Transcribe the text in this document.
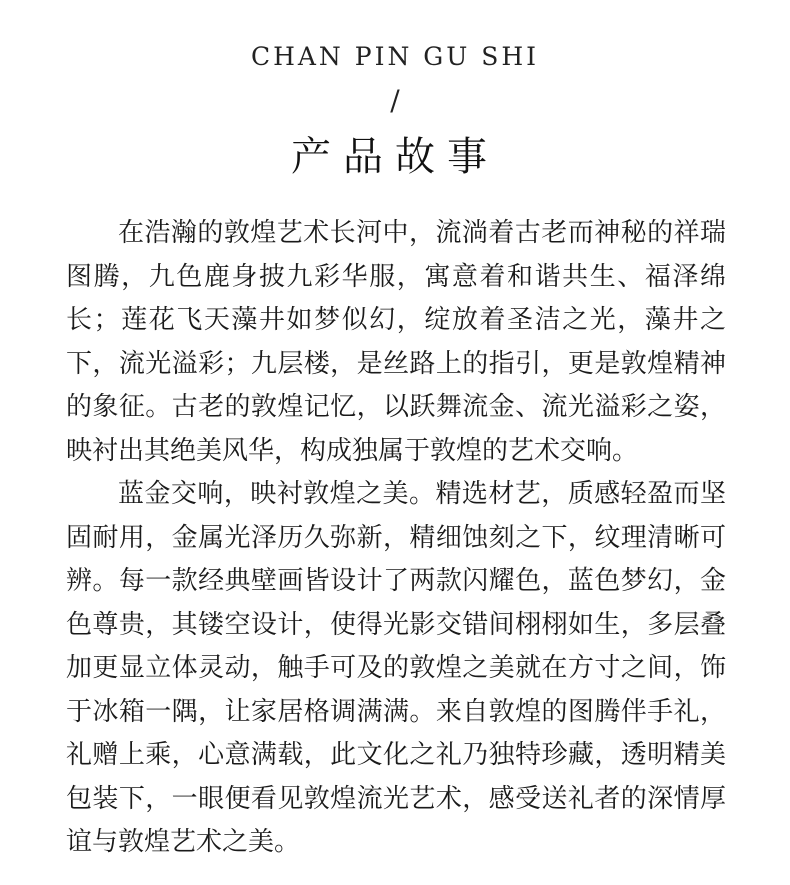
CHAN PIN GU SHI
/
产品故事

在浩瀚的敦煌艺术长河中，流淌着古老而神秘的祥瑞图腾，九色鹿身披九彩华服，寓意着和谐共生、福泽绵长；莲花飞天藻井如梦似幻，绽放着圣洁之光，藻井之下，流光溢彩；九层楼，是丝路上的指引，更是敦煌精神的象征。古老的敦煌记忆，以跃舞流金、流光溢彩之姿，映衬出其绝美风华，构成独属于敦煌的艺术交响。

蓝金交响，映衬敦煌之美。精选材艺，质感轻盈而坚固耐用，金属光泽历久弥新，精细蚀刻之下，纹理清晰可辨。每一款经典壁画皆设计了两款闪耀色，蓝色梦幻，金色尊贵，其镂空设计，使得光影交错间栩栩如生，多层叠加更显立体灵动，触手可及的敦煌之美就在方寸之间，饰于冰箱一隅，让家居格调满满。来自敦煌的图腾伴手礼，礼赠上乘，心意满载，此文化之礼乃独特珍藏，透明精美包装下，一眼便看见敦煌流光艺术，感受送礼者的深情厚谊与敦煌艺术之美。
